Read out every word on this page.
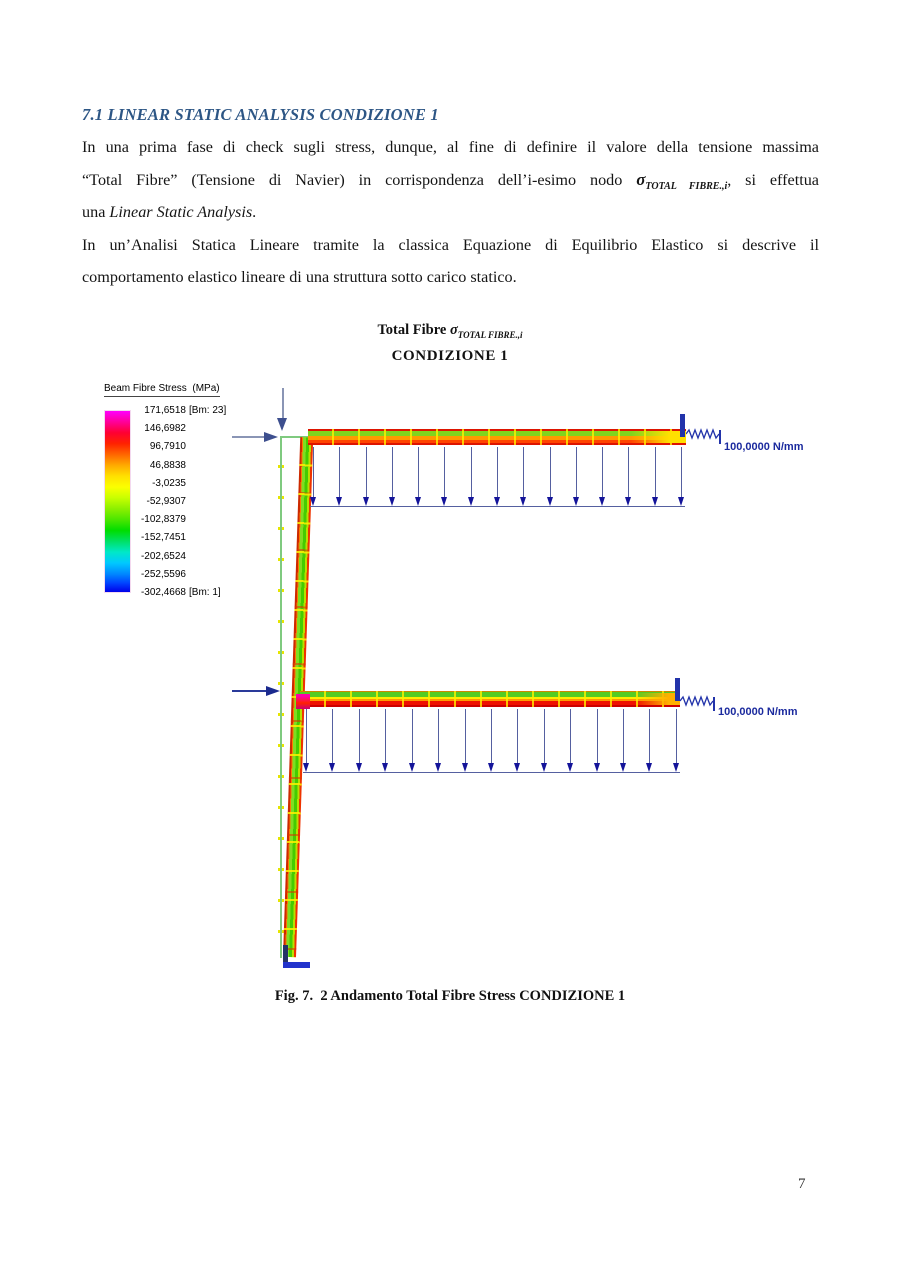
7.1 LINEAR STATIC ANALYSIS CONDIZIONE 1
In una prima fase di check sugli stress, dunque, al fine di definire il valore della tensione massima
“Total Fibre” (Tensione di Navier) in corrispondenza dell’i-esimo nodo $\sigma_{TOTAL FIBRE.,i}$, si effettua
una Linear Static Analysis.
In un’Analisi Statica Lineare tramite la classica Equazione di Equilibrio Elastico si descrive il
comportamento elastico lineare di una struttura sotto carico statico.
Total Fibre $\sigma_{TOTAL FIBRE.,i}$
CONDIZIONE 1
Beam Fibre Stress  (MPa)
171,6518 [Bm: 23]
146,6982
96,7910
46,8838
-3,0235
-52,9307
-102,8379
-152,7451
-202,6524
-252,5596
-302,4668 [Bm: 1]
100,0000 N/mm
100,0000 N/mm
Fig. 7.  2 Andamento Total Fibre Stress CONDIZIONE 1
7
